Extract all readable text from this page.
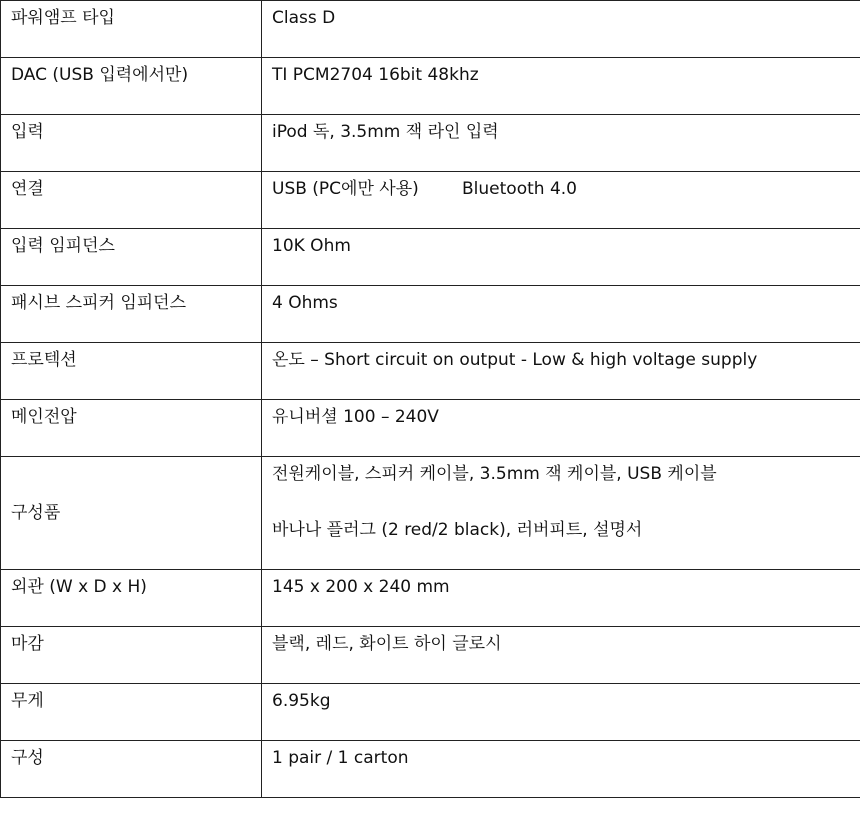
파워앰프 타입	Class D

DAC (USB 입력에서만)	TI PCM2704 16bit 48khz

입력	iPod 독, 3.5mm 잭 라인 입력

연결	USB (PC에만 사용)        Bluetooth 4.0

입력 임피던스	10K Ohm

패시브 스피커 임피던스	4 Ohms

프로텍션	온도 – Short circuit on output - Low & high voltage supply

메인전압	유니버셜 100 – 240V

구성품	전원케이블, 스피커 케이블, 3.5mm 잭 케이블, USB 케이블
바나나 플러그 (2 red/2 black), 러버피트, 설명서

외관 (W x D x H)	145 x 200 x 240 mm

마감	블랙, 레드, 화이트 하이 글로시

무게	6.95kg

구성	1 pair / 1 carton
